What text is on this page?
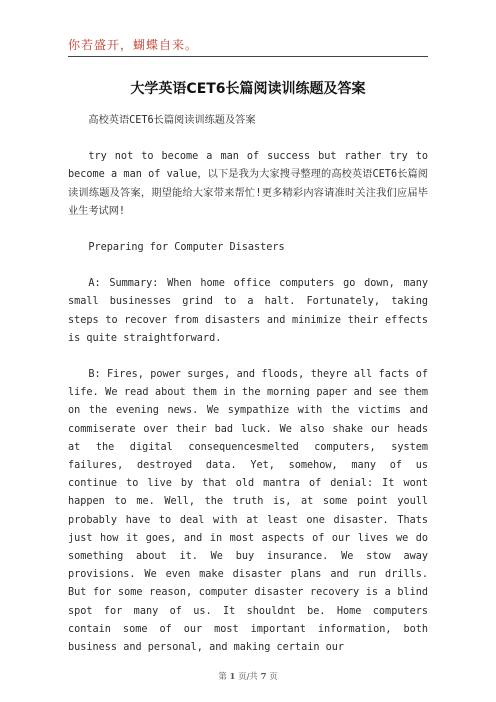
你若盛开，蝴蝶自来。
大学英语CET6长篇阅读训练题及答案

高校英语CET6长篇阅读训练题及答案

try not to become a man of success but rather try to become a man of value，以下是我为大家搜寻整理的高校英语CET6长篇阅读训练题及答案，期望能给大家带来帮忙!更多精彩内容请准时关注我们应届毕业生考试网!

Preparing for Computer Disasters

A: Summary: When home office computers go down, many small businesses grind to a halt. Fortunately, taking steps to recover from disasters and minimize their effects is quite straightforward.

B: Fires, power surges, and floods, theyre all facts of life. We read about them in the morning paper and see them on the evening news. We sympathize with the victims and commiserate over their bad luck. We also shake our heads at the digital consequencesmelted computers, system failures, destroyed data. Yet, somehow, many of us continue to live by that old mantra of denial: It wont happen to me. Well, the truth is, at some point youll probably have to deal with at least one disaster. Thats just how it goes, and in most aspects of our lives we do something about it. We buy insurance. We stow away provisions. We even make disaster plans and run drills. But for some reason, computer disaster recovery is a blind spot for many of us. It shouldnt be. Home computers contain some of our most important information, both business and personal, and making certain our

第 1 页/共 7 页
